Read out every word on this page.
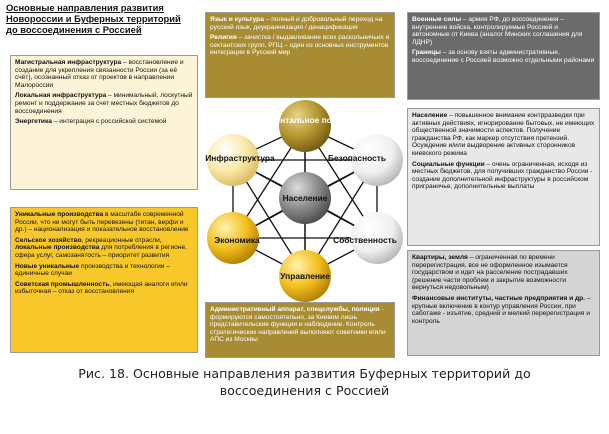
Основные направления развития
Новороссии и Буферных территорий
до воссоединения с Россией

Магистральная инфраструктура – восстановление и создание для укрепления связанности России (за её счёт), осознанный отказ от проектов в направлении Малороссии

Локальная инфраструктура – минимальный, лоскутный ремонт и поддержание за счет местных бюджетов до воссоединения

Энергетика – интеграция с российской системой

Уникальные производства в масштабе современной России, что не могут быть перевезены (титан, верфи и др.) – национализация и показательное восстановление

Сельское хозяйство, рекреационные отрасли, локальные производства для потребления в регионе, сфера услуг, самозанятость – приоритет развития

Новые уникальные производства и технологии – единичные случаи

Советская промышленность, имеющая аналоги и/или избыточная – отказ от восстановления

Язык и культура – полный и добровольный переход на русский язык, деукраинизация / денацификация

Религия – зачистка / выдавливание всех раскольничьих и сектантских групп, РПЦ – один из основных инструментов интеграции в Русский мир

Административный аппарат, спецслужбы, полиция - формируются самостоятельно, за Киевом лишь представительские функции и наблюдение. Контроль стратегических направлений выполняют советники и/или АПС из Москвы

Военные силы – армия РФ, до воссоединения – внутренние войска, контролируемые Россией и автономные от Киева (аналог Минских соглашения для ЛДНР)

Границы – за основу взяты административные, воссоединение с Россией возможно отдельными районами

Население – повышенное внимание контрразведки при активных действиях, игнорирование бытовых, не имеющих общественной значимости аспектов. Получение гражданства РФ, как маркер отсутствия претензий. Осуждение и/или выдворение активных сторонников киевского режима

Социальные функции – очень ограниченная, исходя из местных бюджетов, для получивших гражданство России - создание дополнительной инфраструктуры в российском приграничье, дополнительные выплаты

Квартиры, земля – ограниченная по времени перерегистрация, все не оформленное изымается государством и идет на расселение пострадавших (решение части проблем и закрытие возможности вернуться недовольным)

Финансовые институты, частные предприятия и др. – крупные включение в контур управления России, при саботаже - изъятие, средний и мелкий перерегистрация и контроль

Ментальное поле
Безопасность
Собственность
Управление
Экономика
Инфраструктура
Население
Рис. 18. Основные направления развития Буферных территорий до
воссоединения с Россией
